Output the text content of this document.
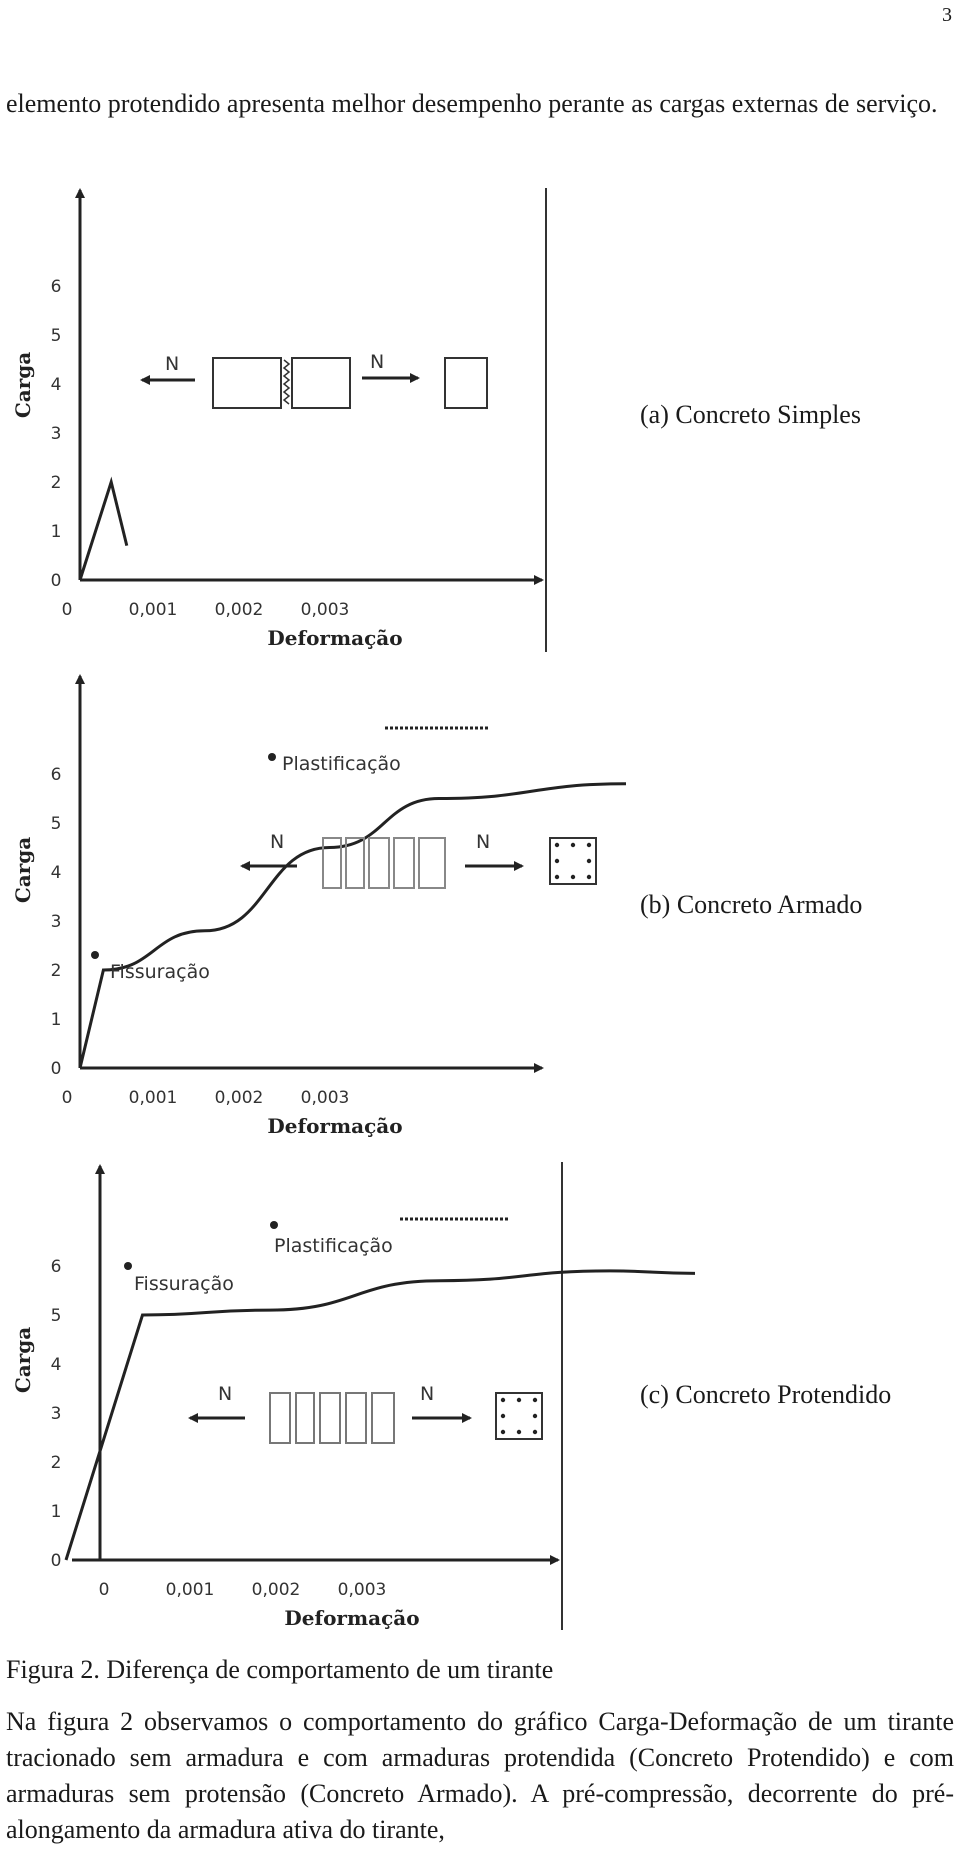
3

elemento protendido apresenta melhor desempenho perante as cargas externas de serviço.

0
1
2
3
4
5
6
0	0,001 0,002 0,003
Carga
Deformação
N	N
0
1
2
3
4
5
6
0	0,001 0,002 0,003
Carga
Deformação
Fissuração
Plastificação
N	N
0
1
2
3
4
5
6
0	0,001 0,002 0,003
Carga
Deformação
Fissuração
Plastificação
N	N
(a) Concreto Simples
(b) Concreto Armado
(c) Concreto Protendido

Figura 2. Diferença de comportamento de um tirante

Na figura 2 observamos o comportamento do gráfico Carga-Deformação de um tirante tracionado sem armadura e com armaduras protendida (Concreto Protendido) e com armaduras sem protensão (Concreto Armado). A pré-compressão, decorrente do pré-alongamento da armadura ativa do tirante,
